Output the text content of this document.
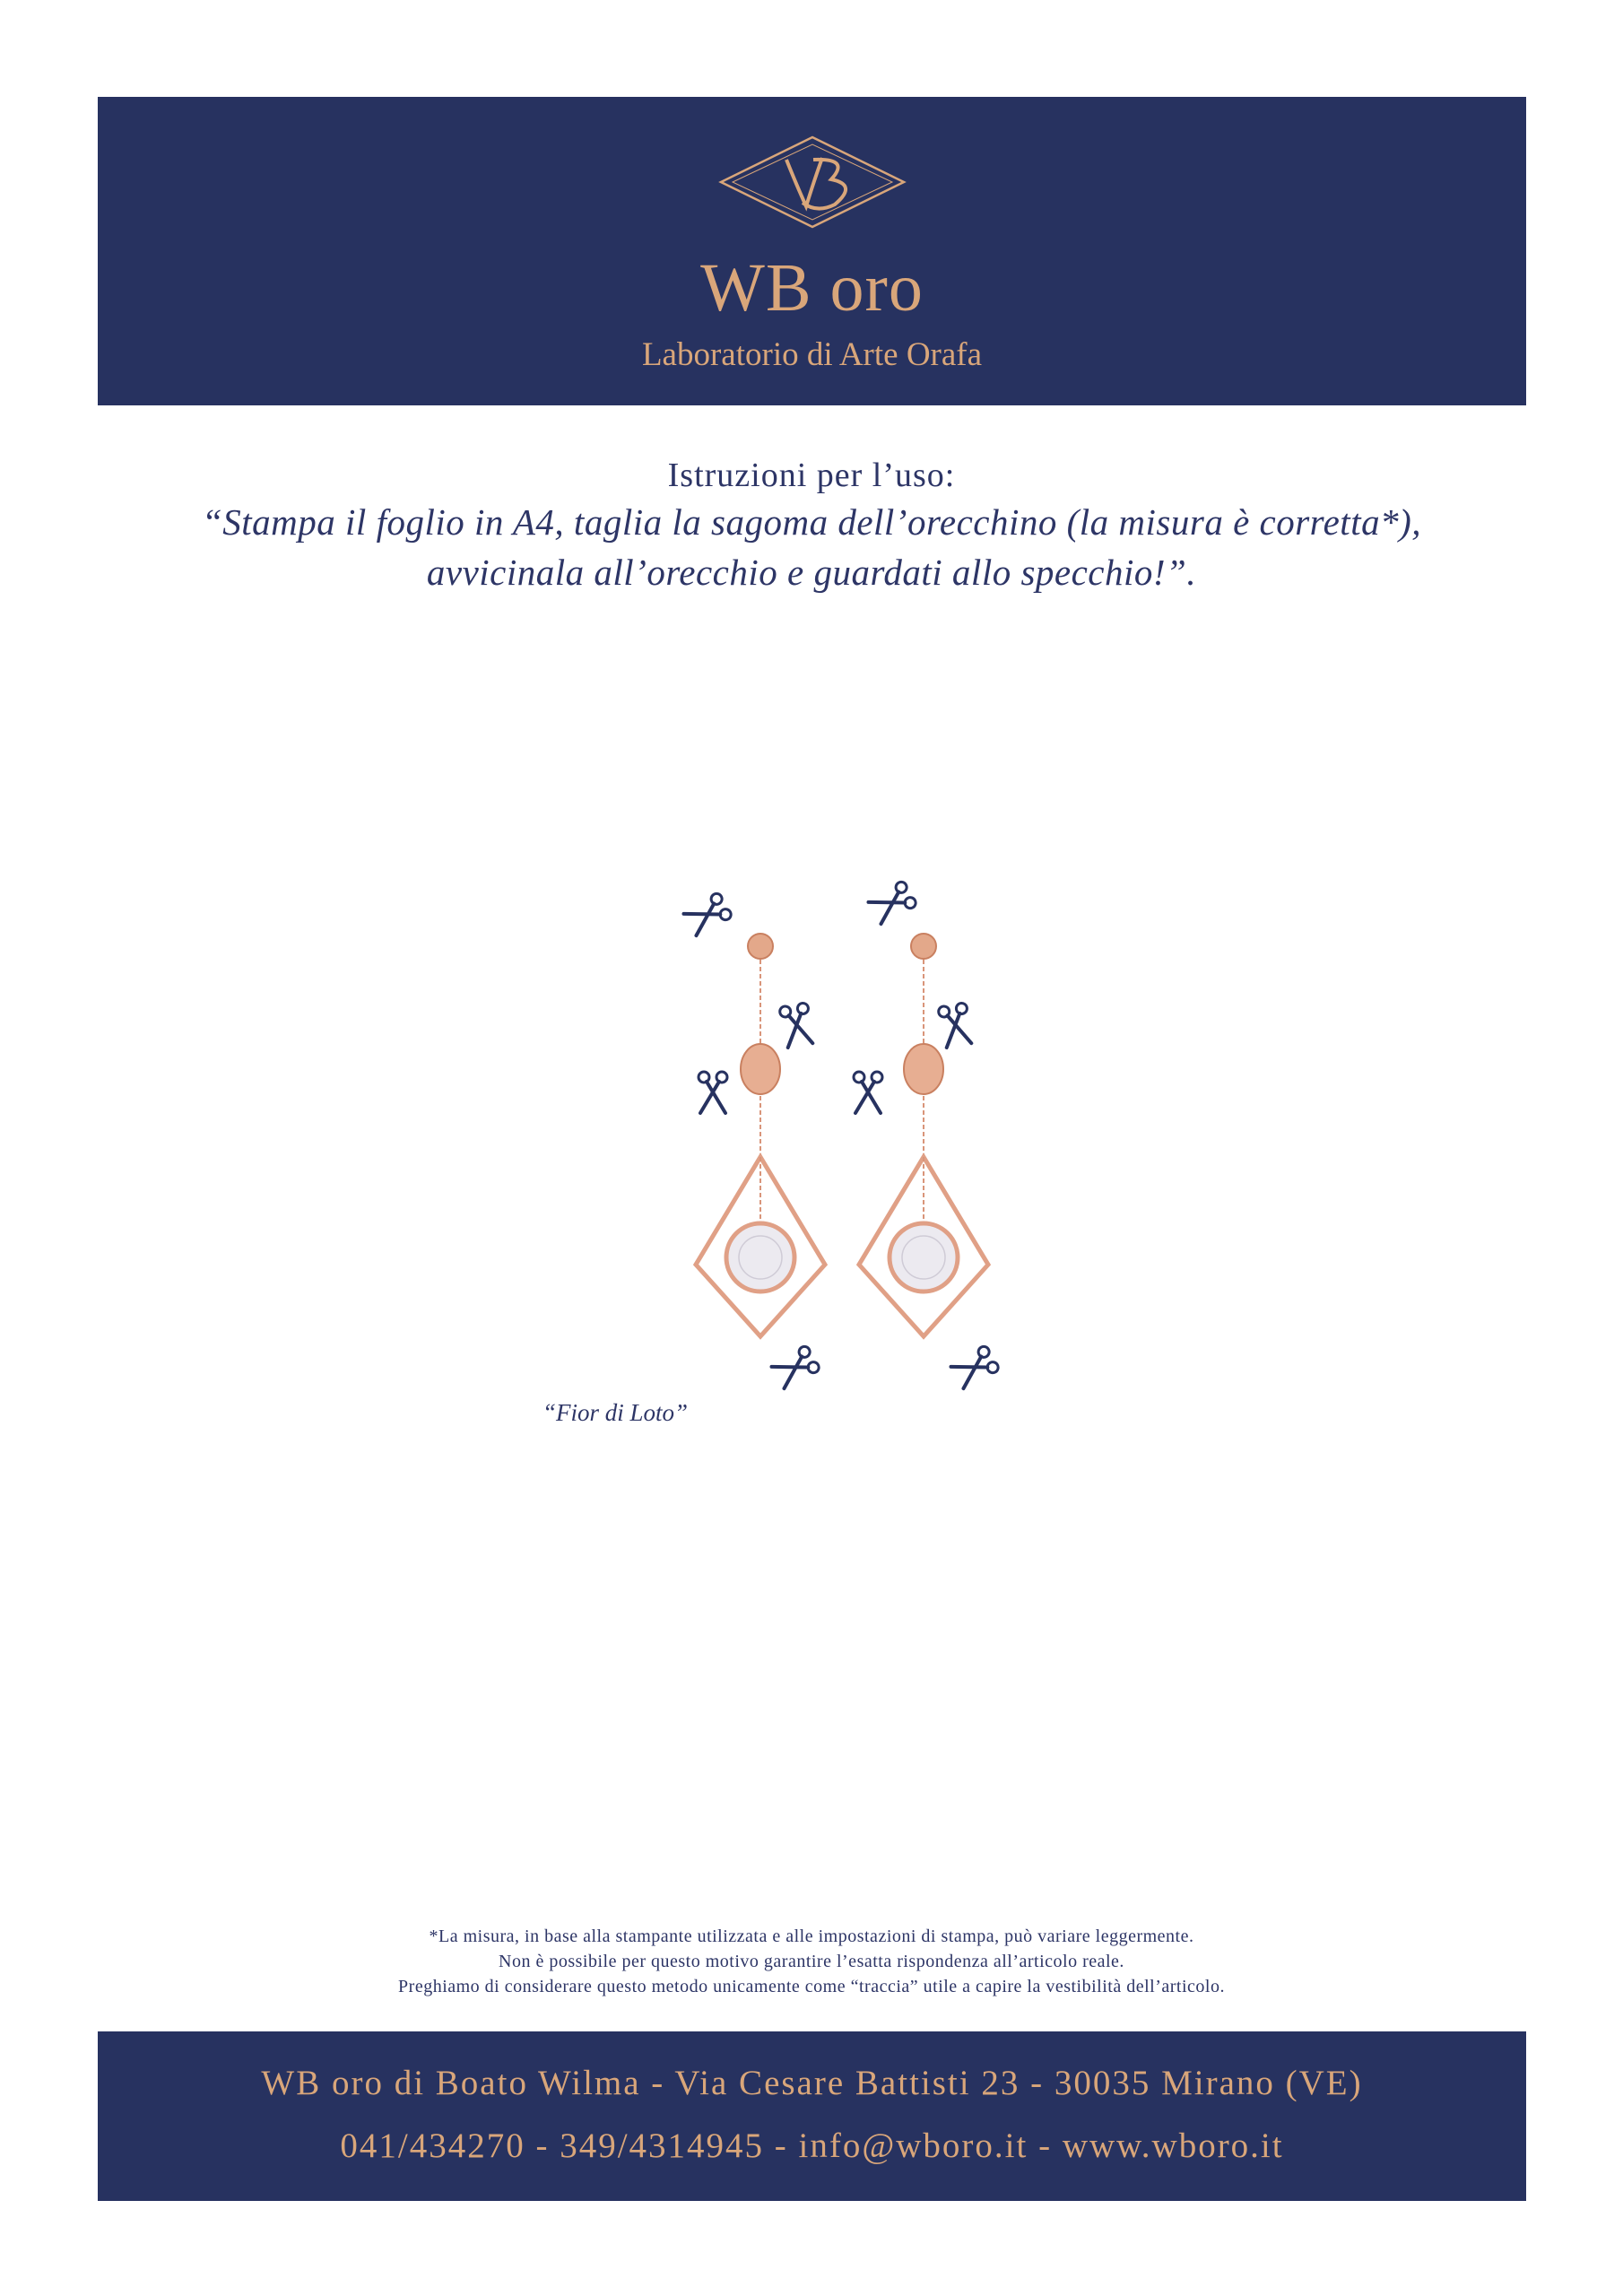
WB oro
Laboratorio di Arte Orafa
Istruzioni per l’uso:
“Stampa il foglio in A4, taglia la sagoma dell’orecchino (la misura è corretta*),
avvicinala all’orecchio e guardati allo specchio!”.
“Fior di Loto”
*La misura, in base alla stampante utilizzata e alle impostazioni di stampa, può variare leggermente.
Non è possibile per questo motivo garantire l’esatta rispondenza all’articolo reale.
Preghiamo di considerare questo metodo unicamente come “traccia” utile a capire la vestibilità dell’articolo.
WB oro di Boato Wilma - Via Cesare Battisti 23 - 30035 Mirano (VE)
041/434270 - 349/4314945 - info@wboro.it - www.wboro.it
